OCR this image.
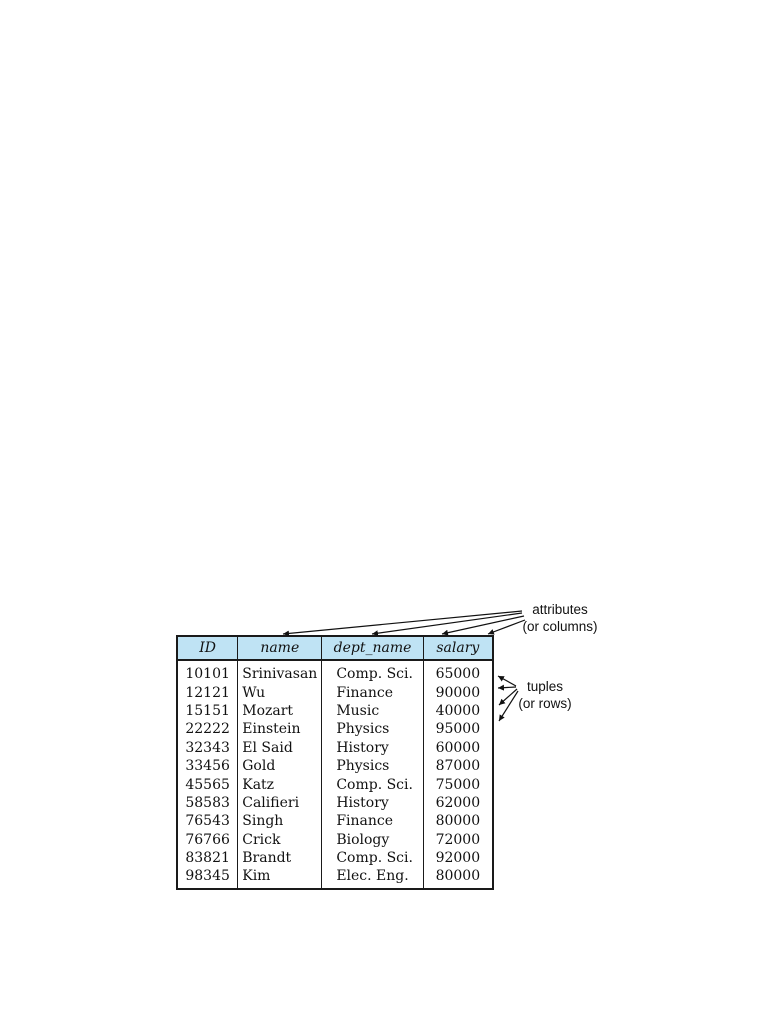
ID	name	dept_name	salary
10101	Srinivasan	Comp. Sci.	65000
12121	Wu	Finance	90000
15151	Mozart	Music	40000
22222	Einstein	Physics	95000
32343	El Said	History	60000
33456	Gold	Physics	87000
45565	Katz	Comp. Sci.	75000
58583	Califieri	History	62000
76543	Singh	Finance	80000
76766	Crick	Biology	72000
83821	Brandt	Comp. Sci.	92000
98345	Kim	Elec. Eng.	80000
attributes
(or columns)
tuples
(or rows)
